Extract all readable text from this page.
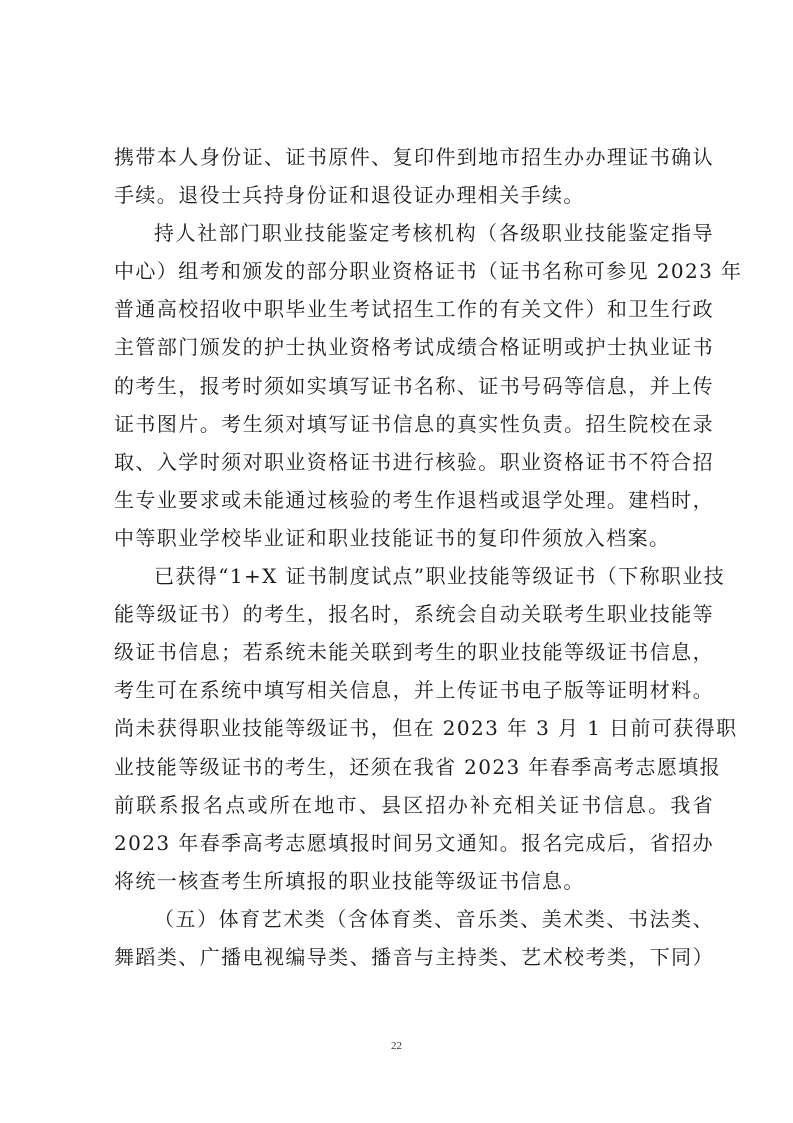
携带本人身份证、证书原件、复印件到地市招生办办理证书确认
手续。退役士兵持身份证和退役证办理相关手续。
持人社部门职业技能鉴定考核机构（各级职业技能鉴定指导
中心）组考和颁发的部分职业资格证书（证书名称可参见 2023 年
普通高校招收中职毕业生考试招生工作的有关文件）和卫生行政
主管部门颁发的护士执业资格考试成绩合格证明或护士执业证书
的考生，报考时须如实填写证书名称、证书号码等信息，并上传
证书图片。考生须对填写证书信息的真实性负责。招生院校在录
取、入学时须对职业资格证书进行核验。职业资格证书不符合招
生专业要求或未能通过核验的考生作退档或退学处理。建档时，
中等职业学校毕业证和职业技能证书的复印件须放入档案。
已获得“1+X 证书制度试点”职业技能等级证书（下称职业技
能等级证书）的考生，报名时，系统会自动关联考生职业技能等
级证书信息；若系统未能关联到考生的职业技能等级证书信息，
考生可在系统中填写相关信息，并上传证书电子版等证明材料。
尚未获得职业技能等级证书，但在 2023 年 3 月 1 日前可获得职
业技能等级证书的考生，还须在我省 2023 年春季高考志愿填报
前联系报名点或所在地市、县区招办补充相关证书信息。我省
2023 年春季高考志愿填报时间另文通知。报名完成后，省招办
将统一核查考生所填报的职业技能等级证书信息。
（五）体育艺术类（含体育类、音乐类、美术类、书法类、
舞蹈类、广播电视编导类、播音与主持类、艺术校考类，下同）
22
